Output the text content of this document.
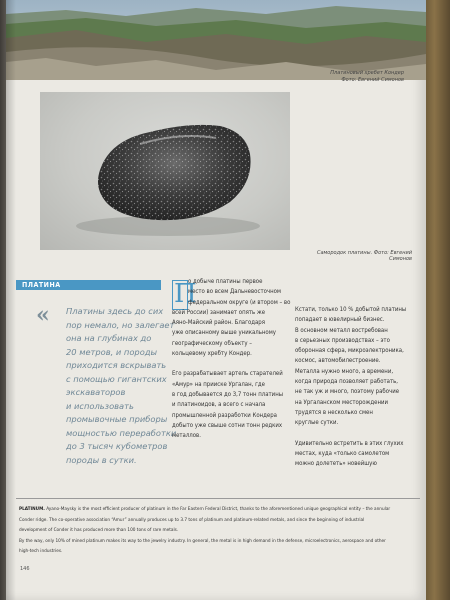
Платиновый хребет Кондер
Фото: Евгений Симонов
Самородок платины. Фото: Евгений Симонов
ПЛАТИНА
« Платины здесь до сих
пор немало, но залегает
она на глубинах до
20 метров, и породы
приходится вскрывать
с помощью гигантских
экскаваторов
и использовать
промывочные приборы
мощностью переработки
до 3 тысяч кубометров
породы в сутки.
П
о добыче платины первое
место во всем Дальневосточном
федеральном округе (и втором – во
всей России) занимает опять же
Аяно-Майский район. Благодаря
уже описанному выше уникальному
географическому объекту –
кольцевому хребту Кондер.
Его разрабатывает артель старателей
«Амур» на прииске Ургалан, где
в год добывается до 3,7 тонн платины
и платиноидов, а всего с начала
промышленной разработки Кондера
добыто уже свыше сотни тонн редких
металлов.
Кстати, только 10 % добытой платины
попадает в ювелирный бизнес.
В основном металл востребован
в серьезных производствах – это
оборонная сфера, микроэлектроника,
космос, автомобилестроение.
Металла нужно много, а времени,
когда природа позволяет работать,
не так уж и много, поэтому рабочие
на Ургаланском месторождении
трудятся в несколько смен
круглые сутки.
Удивительно встретить в этих глухих
местах, куда «только самолетом
можно долететь» новейшую
PLATINUM. Ayano-Maysky is the most efficient producer of platinum in the Far Eastern Federal District, thanks to the aforementioned unique geographical entity – the annular
Conder ridge. The co-operative association “Amur” annually produces up to 3.7 tons of platinum and platinum-related metals, and since the beginning of industrial
development of Conder it has produced more than 100 tons of rare metals.
By the way, only 10% of mined platinum makes its way to the jewelry industry. In general, the metal is in high demand in the defense, microelectronics, aerospace and other
high-tech industries.
146
